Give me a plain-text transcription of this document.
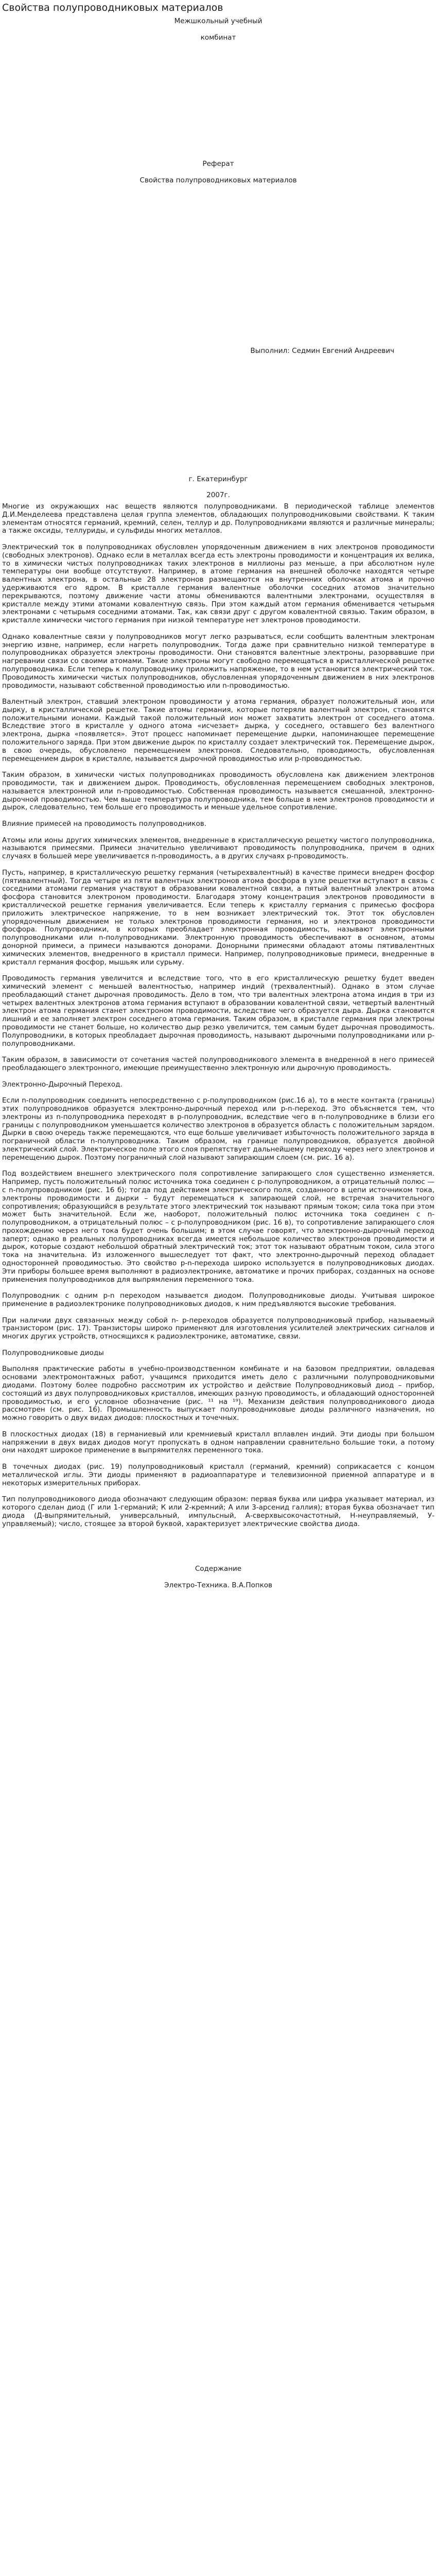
Свойства полупроводниковых материалов

Межшкольный учебный

комбинат

Реферат

Свойства полупроводниковых материалов

Выполнил: Седмин Евгений Андреевич

г. Екатеринбург

2007г.

Многие из окружающих нас веществ являются полупроводниками. В периодической таблице элементов Д.И.Менделеева представлена целая группа элементов, обладающих полупроводниковыми свойствами. К таким элементам относятся германий, кремний, селен, теллур и др. Полупроводниками являются и различные минералы; а также оксиды, теллуриды, и сульфиды многих металлов.

Электрический ток в полупроводниках обусловлен упорядоченным движением в них электронов проводимости (свободных электронов). Однако если в металлах всегда есть электроны проводимости и концентрация их велика, то в химически чистых полупроводниках таких электронов в миллионы раз меньше, а при абсолютном нуле температуры они вообще отсутствуют. Например, в атоме германия на внешней оболочке находятся четыре валентных электрона, в остальные 28 электронов размещаются на внутренних оболочках атома и прочно удерживаются его ядром. В кристалле германия валентные оболочки соседних атомов значительно перекрываются, поэтому движение части атомы обмениваются валентными электронами, осуществляя в кристалле между этими атомами ковалентную связь. При этом каждый атом германия обменивается четырьмя электронами с четырьмя соседними атомами. Так, как связи друг с другом ковалентной связью. Таким образом, в кристалле химически чистого германия при низкой температуре нет электронов проводимости.

Однако ковалентные связи у полупроводников могут легко разрываться, если сообщить валентным электронам энергию извне, например, если нагреть полупроводник. Тогда даже при сравнительно низкой температуре в полупроводниках образуется электроны проводимости. Они становятся валентные электроны, разорвавшие при нагревании связи со своими атомами. Такие электроны могут свободно перемещаться в кристаллической решетке полупроводника. Если теперь к полупроводнику приложить напряжение, то в нем установится электрический ток. Проводимость химически чистых полупроводников, обусловленная упорядоченным движением в них электронов проводимости, называют собственной проводимостью или n-проводимостью.

Валентный электрон, ставший электроном проводимости у атома германия, образует положительный ион, или дырку, в кристаллической решетке. Такие атомы германия, которые потеряли валентный электрон, становятся положительными ионами. Каждый такой положительный ион может захватить электрон от соседнего атома. Вследствие этого в кристалле у одного атома «исчезает» дырка, у соседнего, оставшего без валентного электрона, дырка «появляется». Этот процесс напоминает перемещение дырки, напоминающее перемещение положительного заряда. При этом движение дырок по кристаллу создает электрический ток. Перемещение дырок, в свою очередь, обусловлено перемещением электронов. Следовательно, проводимость, обусловленная перемещением дырок в кристалле, называется дырочной проводимостью или р-проводимостью.

Таким образом, в химически чистых полупроводниках проводимость обусловлена как движением электронов проводимости, так и движением дырок. Проводимость, обусловленная перемещением свободных электронов, называется электронной или n-проводимостью. Собственная проводимость называется смешанной, электронно-дырочной проводимостью. Чем выше температура полупроводника, тем больше в нем электронов проводимости и дырок, следовательно, тем больше его проводимость и меньше удельное сопротивление.

Влияние примесей на проводимость полупроводников.

Атомы или ионы других химических элементов, внедренные в кристаллическую решетку чистого полупроводника, называются примесями. Примеси значительно увеличивают проводимость полупроводника, причем в одних случаях в большей мере увеличивается n-проводимость, а в других случаях р-проводимость.

Пусть, например, в кристаллическую решетку германия (четырехвалентный) в качестве примеси внедрен фосфор (пятивалентный). Тогда четыре из пяти валентных электронов атома фосфора в узле решетки вступают в связь с соседними атомами германия участвуют в образовании ковалентной связи, а пятый валентный электрон атома фосфора становится электроном проводимости. Благодаря этому концентрация электронов проводимости в кристаллической решетке германия увеличивается. Если теперь к кристаллу германия с примесью фосфора приложить электрическое напряжение, то в нем возникает электрический ток. Этот ток обусловлен упорядоченным движением не только электронов проводимости германия, но и электронов проводимости фосфора. Полупроводники, в которых преобладает электронная проводимость, называют электронными полупроводниками или n-полупроводниками. Электронную проводимость обеспечивают в основном, атомы донорной примеси, а примеси называются донорами. Донорными примесями обладают атомы пятивалентных химических элементов, внедренного в кристалл примеси. Например, полупроводниковые примеси, внедренные в кристалл германия фосфор, мышьяк или сурьму.

Проводимость германия увеличится и вследствие того, что в его кристаллическую решетку будет введен химический элемент с меньшей валентностью, например индий (трехвалентный). Однако в этом случае преобладающий станет дырочная проводимость. Дело в том, что три валентных электрона атома индия в три из четырех валентных электронов атома германия вступают в образовании ковалентной связи, четвертый валентный электрон атома германия станет электроном проводимости, вследствие чего образуется дыра. Дырка становится лишний и ее заполняет электрон соседнего атома германия. Таким образом, в кристалле германия при электроны проводимости не станет больше, но количество дыр резко увеличится, тем самым будет дырочная проводимость. Полупроводники, в которых преобладает дырочная проводимость, называют дырочными полупроводниками или р-полупроводниками.

Таким образом, в зависимости от сочетания частей полупроводникового элемента в внедренной в него примесей преобладающего электронного, имеющие преимущественно электронную или дырочную проводимость.

Электронно-Дырочный Переход.

Если n-полупроводник соединить непосредственно с р-полупроводником (рис.16 а), то в месте контакта (границы) этих полупроводников образуется электронно-дырочный переход или p-n-переход. Это объясняется тем, что электроны из n-полупроводника переходят в р-полупроводник, вследствие чего в n-полупроводнике в близи его границы с полупроводником уменьшается количество электронов в образуется область с положительным зарядом. Дырки в свою очередь также перемещаются, что еще больше увеличивает избыточность положительного заряда в пограничной области n-полупроводника. Таким образом, на границе полупроводников, образуется двойной электрический слой. Электрическое поле этого слоя препятствует дальнейшему переходу через него электронов и перемещению дырок. Поэтому пограничный слой называют запирающим слоем (см. рис. 16 а).

Под воздействием внешнего электрического поля сопротивление запирающего слоя существенно изменяется. Например, пусть положительный полюс источника тока соединен с р-полупроводником, а отрицательный полюс — с n-полупроводником (рис. 16 б); тогда под действием электрического поля, созданного в цепи источником тока, электроны проводимости и дырки – будут перемещаться к запирающей слой, не встречая значительного сопротивления; образующийся в результате этого электрический ток называют прямым током; сила тока при этом может быть значительной. Если же, наоборот, положительный полюс источника тока соединен с n-полупроводником, а отрицательный полюс – с р-полупроводником (рис. 16 в), то сопротивление запирающего слоя прохождению через него тока будет очень большим; в этом случае говорят, что электронно-дырочный переход заперт; однако в реальных полупроводниках всегда имеется небольшое количество электронов проводимости и дырок, которые создают небольшой обратный электрический ток; этот ток называют обратным током, сила этого тока на значительна. Из изложенного вышеследует тот факт, что электронно-дырочный переход обладает односторонней проводимостью. Это свойство р-n-перехода широко используется в полупроводниковых диодах. Эти приборы большее время выполняют в радиоэлектронике, автоматике и прочих приборах, созданных на основе применения полупроводников для выпрямления переменного тока.

Полупроводник с одним р-n переходом называется диодом. Полупроводниковые диоды. Учитывая широкое применение в радиоэлектронике полупроводниковых диодов, к ним предъявляются высокие требования.

При наличии двух связанных между собой n- р-переходов образуется полупроводниковый прибор, называемый транзистором (рис. 17). Транзисторы широко применяют для изготовления усилителей электрических сигналов и многих других устройств, относящихся к радиоэлектронике, автоматике, связи.

Полупроводниковые диоды

Выполняя практические работы в учебно-производственном комбинате и на базовом предприятии, овладевая основами электромонтажных работ, учащимся приходится иметь дело с различными полупроводниковыми диодами. Поэтому более подробно рассмотрим их устройство и действие Полупроводниковый диод – прибор, состоящий из двух полупроводниковых кристаллов, имеющих разную проводимость, и обладающий односторонней проводимостью, и его условное обозначение (рис. ¹¹ на ¹⁹). Механизм действия полупроводникового диода рассмотрен (см. рис. 16). Промышленность выпускает полупроводниковые диоды различного назначения, но можно говорить о двух видах диодов: плоскостных и точечных.

В плоскостных диодах (18) в германиевый или кремниевый кристалл вплавлен индий. Эти диоды при большом напряжении в двух видах диодов могут пропускать в одном направлении сравнительно большие токи, а потому они находят широкое применение в выпрямителях переменного тока.

В точечных диодах (рис. 19) полупроводниковый кристалл (германий, кремний) соприкасается с концом металлической иглы. Эти диоды применяют в радиоаппаратуре и телевизионной приемной аппаратуре и в некоторых измерительных приборах.

Тип полупроводникового диода обозначают следующим образом: первая буква или цифра указывает материал, из которого сделан диод (Г или 1-германий; К или 2-кремний; А или 3-арсенид галлия); вторая буква обозначает тип диода (Д-выпрямительный, универсальный, импульсный, А-сверхвысокочастотный, Н-неуправляемый, У-управляемый); число, стоящее за второй буквой, характеризует электрические свойства диода.

Содержание

Электро-Техника. В.А.Попков
